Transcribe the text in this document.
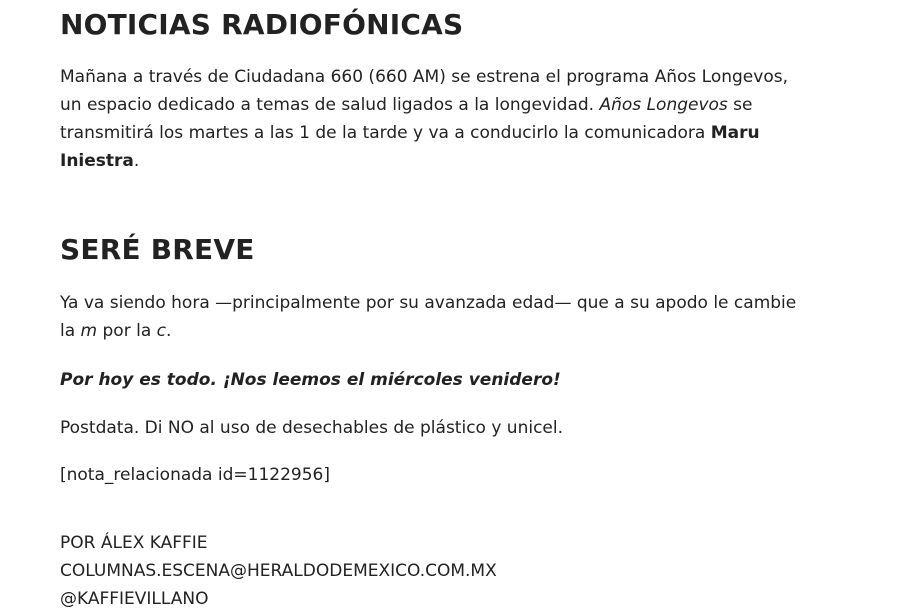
NOTICIAS RADIOFÓNICAS

Mañana a través de Ciudadana 660 (660 AM) se estrena el programa Años Longevos, un espacio dedicado a temas de salud ligados a la longevidad. Años Longevos se transmitirá los martes a las 1 de la tarde y va a conducirlo la comunicadora Maru Iniestra.

SERÉ BREVE

Ya va siendo hora —principalmente por su avanzada edad— que a su apodo le cambie la m por la c.

Por hoy es todo. ¡Nos leemos el miércoles venidero!

Postdata. Di NO al uso de desechables de plástico y unicel.

[nota_relacionada id=1122956]

POR ÁLEX KAFFIE
COLUMNAS.ESCENA@HERALDODEMEXICO.COM.MX
@KAFFIEVILLANO
